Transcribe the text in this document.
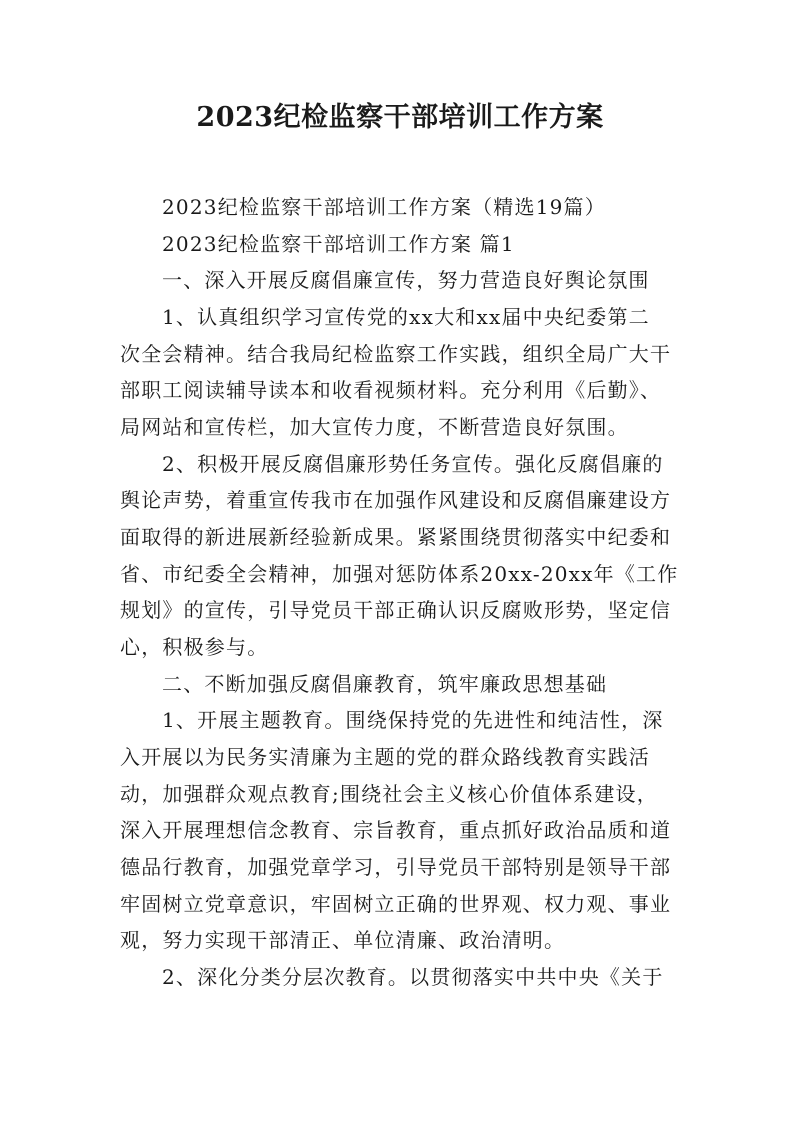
2023纪检监察干部培训工作方案
2023纪检监察干部培训工作方案（精选19篇）
2023纪检监察干部培训工作方案 篇1
一、深入开展反腐倡廉宣传，努力营造良好舆论氛围
1、认真组织学习宣传党的xx大和xx届中央纪委第二
次全会精神。结合我局纪检监察工作实践，组织全局广大干
部职工阅读辅导读本和收看视频材料。充分利用《后勤》、
局网站和宣传栏，加大宣传力度，不断营造良好氛围。
2、积极开展反腐倡廉形势任务宣传。强化反腐倡廉的
舆论声势，着重宣传我市在加强作风建设和反腐倡廉建设方
面取得的新进展新经验新成果。紧紧围绕贯彻落实中纪委和
省、市纪委全会精神，加强对惩防体系20xx-20xx年《工作
规划》的宣传，引导党员干部正确认识反腐败形势，坚定信
心，积极参与。
二、不断加强反腐倡廉教育，筑牢廉政思想基础
1、开展主题教育。围绕保持党的先进性和纯洁性，深
入开展以为民务实清廉为主题的党的群众路线教育实践活
动，加强群众观点教育;围绕社会主义核心价值体系建设，
深入开展理想信念教育、宗旨教育，重点抓好政治品质和道
德品行教育，加强党章学习，引导党员干部特别是领导干部
牢固树立党章意识，牢固树立正确的世界观、权力观、事业
观，努力实现干部清正、单位清廉、政治清明。
2、深化分类分层次教育。以贯彻落实中共中央《关于
